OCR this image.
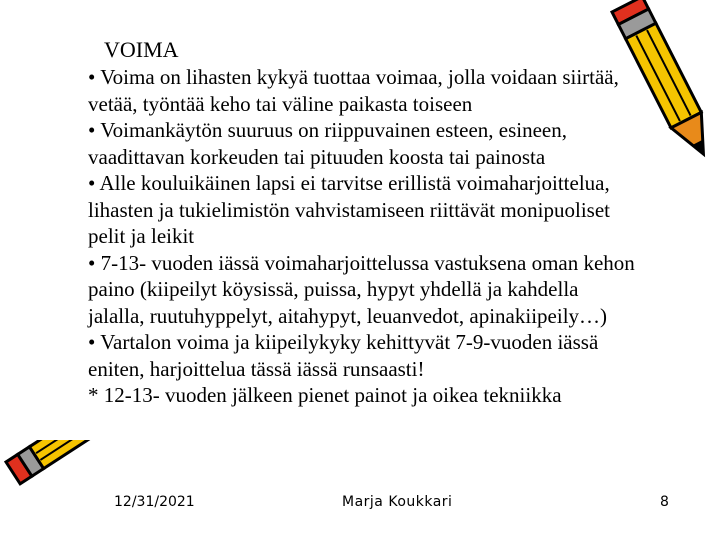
VOIMA
• Voima on lihasten kykyä tuottaa voimaa, jolla voidaan siirtää,
vetää, työntää keho tai väline paikasta toiseen
• Voimankäytön suuruus on riippuvainen esteen, esineen,
vaadittavan korkeuden tai pituuden koosta tai painosta
• Alle kouluikäinen lapsi ei tarvitse erillistä voimaharjoittelua,
lihasten ja tukielimistön vahvistamiseen riittävät monipuoliset
pelit ja leikit
• 7-13- vuoden iässä voimaharjoittelussa vastuksena oman kehon
paino (kiipeilyt köysissä, puissa, hypyt yhdellä ja kahdella
jalalla, ruutuhyppelyt, aitahypyt, leuanvedot, apinakiipeily…)
• Vartalon voima ja kiipeilykyky kehittyvät 7-9-vuoden iässä
eniten, harjoittelua tässä iässä runsaasti!
* 12-13- vuoden jälkeen pienet painot ja oikea tekniikka
12/31/2021	Marja Koukkari	8
